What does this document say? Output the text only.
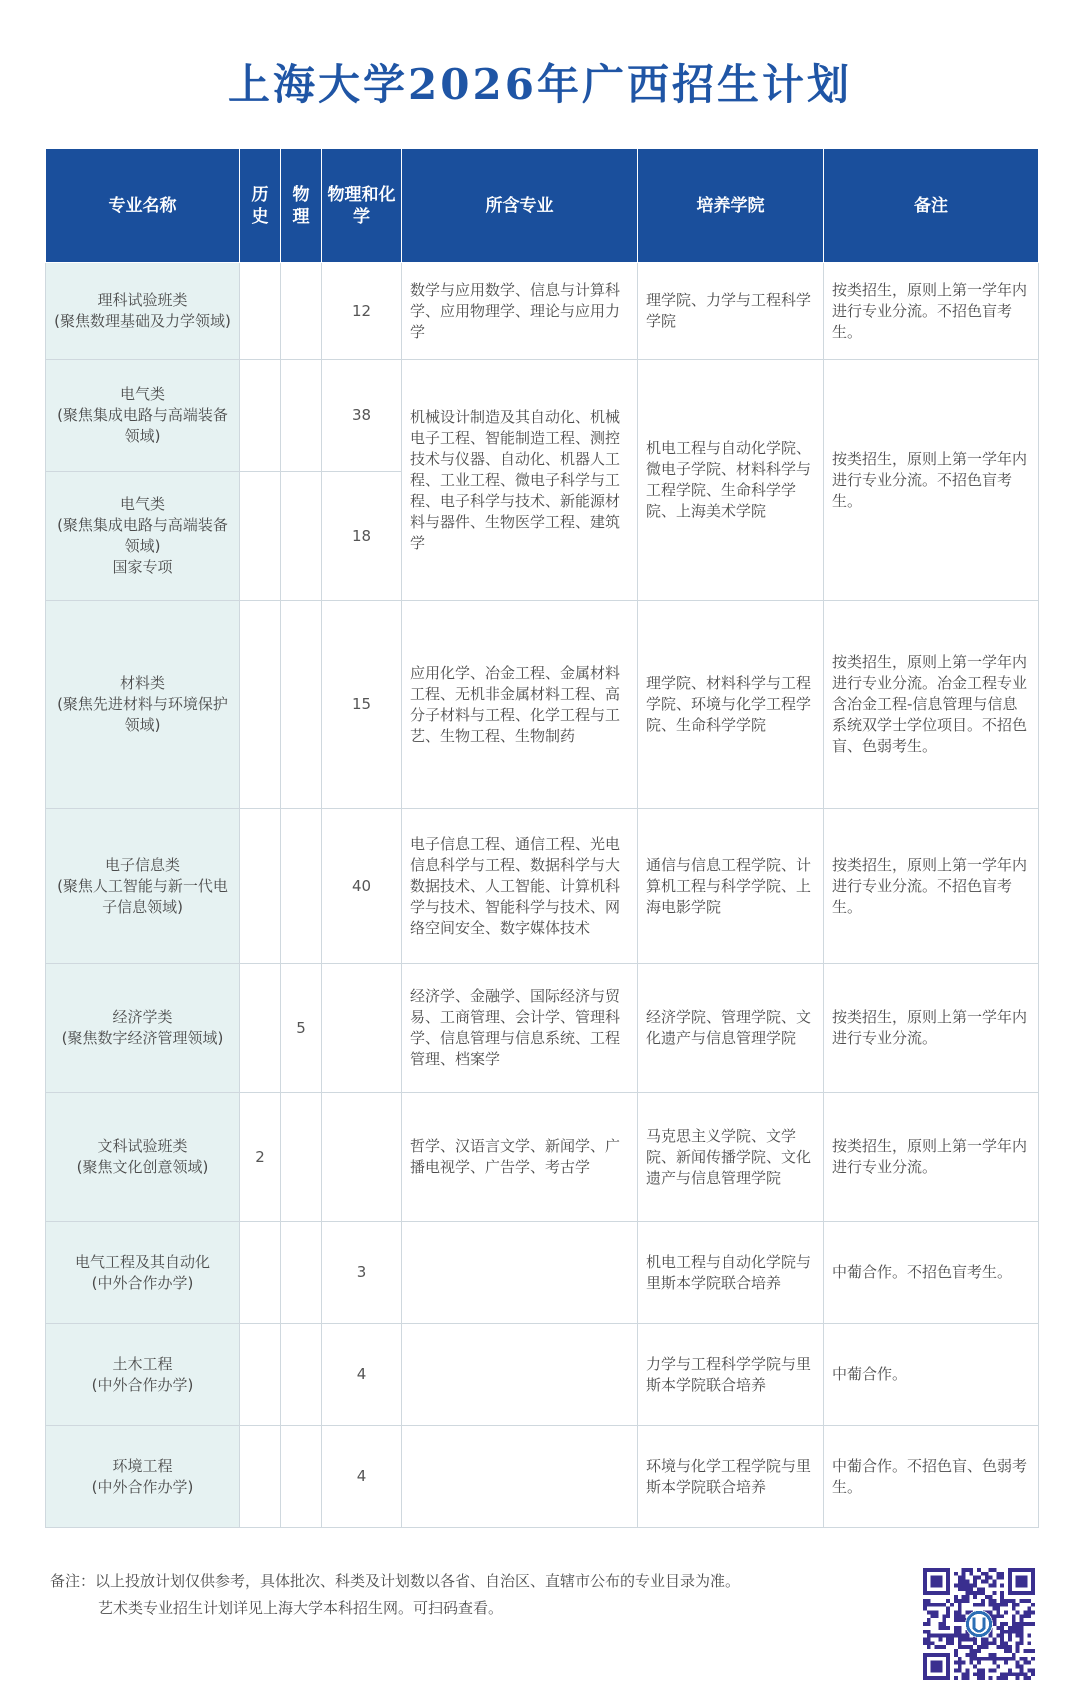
上海大学2026年广西招生计划
专业名称	历史	物理	物理和化学	所含专业	培养学院	备注

理科试验班类
(聚焦数理基础及力学领域)			12	数学与应用数学、信息与计算科学、应用物理学、理论与应用力学	理学院、力学与工程科学学院	按类招生，原则上第一学年内进行专业分流。不招色盲考生。

电气类
(聚焦集成电路与高端装备领域)			38	机械设计制造及其自动化、机械电子工程、智能制造工程、测控技术与仪器、自动化、机器人工程、工业工程、微电子科学与工程、电子科学与技术、新能源材料与器件、生物医学工程、建筑学	机电工程与自动化学院、微电子学院、材料科学与工程学院、生命科学学院、上海美术学院	按类招生，原则上第一学年内进行专业分流。不招色盲考生。

电气类
(聚焦集成电路与高端装备领域)
国家专项			18			

材料类
(聚焦先进材料与环境保护领域)			15	应用化学、冶金工程、金属材料工程、无机非金属材料工程、高分子材料与工程、化学工程与工艺、生物工程、生物制药	理学院、材料科学与工程学院、环境与化学工程学院、生命科学学院	按类招生，原则上第一学年内进行专业分流。冶金工程专业含冶金工程-信息管理与信息系统双学士学位项目。不招色盲、色弱考生。

电子信息类
(聚焦人工智能与新一代电子信息领域)			40	电子信息工程、通信工程、光电信息科学与工程、数据科学与大数据技术、人工智能、计算机科学与技术、智能科学与技术、网络空间安全、数字媒体技术	通信与信息工程学院、计算机工程与科学学院、上海电影学院	按类招生，原则上第一学年内进行专业分流。不招色盲考生。

经济学类
(聚焦数字经济管理领域)		5		经济学、金融学、国际经济与贸易、工商管理、会计学、管理科学、信息管理与信息系统、工程管理、档案学	经济学院、管理学院、文化遗产与信息管理学院	按类招生，原则上第一学年内进行专业分流。

文科试验班类
(聚焦文化创意领域)	2			哲学、汉语言文学、新闻学、广播电视学、广告学、考古学	马克思主义学院、文学院、新闻传播学院、文化遗产与信息管理学院	按类招生，原则上第一学年内进行专业分流。

电气工程及其自动化
(中外合作办学)			3		机电工程与自动化学院与里斯本学院联合培养	中葡合作。不招色盲考生。

土木工程
(中外合作办学)			4		力学与工程科学学院与里斯本学院联合培养	中葡合作。

环境工程
(中外合作办学)			4		环境与化学工程学院与里斯本学院联合培养	中葡合作。不招色盲、色弱考生。
备注：以上投放计划仅供参考，具体批次、科类及计划数以各省、自治区、直辖市公布的专业目录为准。
艺术类专业招生计划详见上海大学本科招生网。可扫码查看。
